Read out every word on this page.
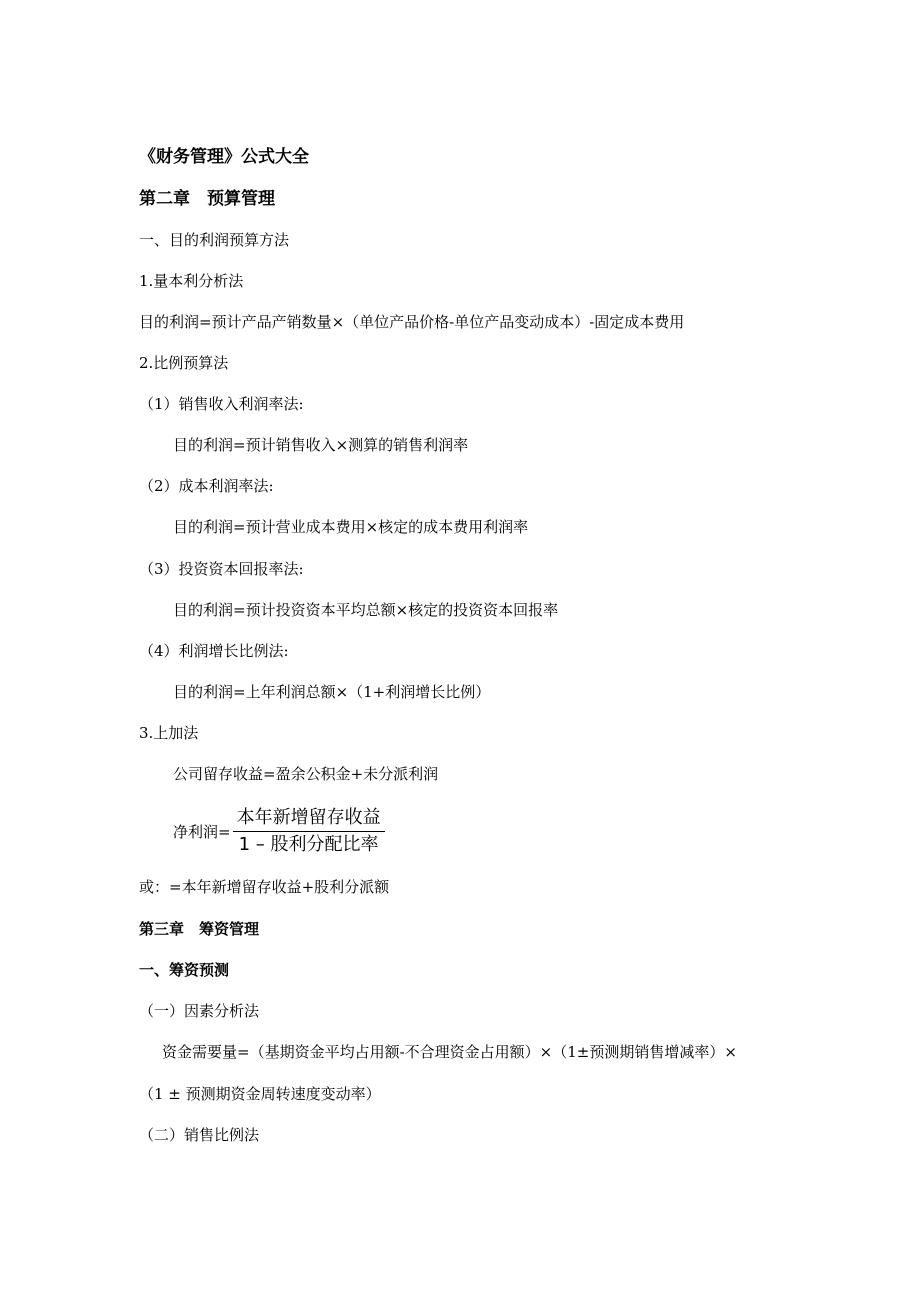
《财务管理》公式大全
第二章　预算管理
一、目的利润预算方法
1.量本利分析法
目的利润=预计产品产销数量×（单位产品价格-单位产品变动成本）-固定成本费用
2.比例预算法
（1）销售收入利润率法:
目的利润=预计销售收入×测算的销售利润率
（2）成本利润率法:
目的利润=预计营业成本费用×核定的成本费用利润率
（3）投资资本回报率法:
目的利润=预计投资资本平均总额×核定的投资资本回报率
（4）利润增长比例法:
目的利润=上年利润总额×（1+利润增长比例）
3.上加法
公司留存收益=盈余公积金+未分派利润
净利润= $\frac{\text{本年新增留存收益}}{\text{1 – 股利分配比率}}$
或：=本年新增留存收益+股利分派额
第三章　筹资管理
一、筹资预测
（一）因素分析法
资金需要量=（基期资金平均占用额-不合理资金占用额）×（1±预测期销售增减率）×
（1 ± 预测期资金周转速度变动率）
（二）销售比例法
